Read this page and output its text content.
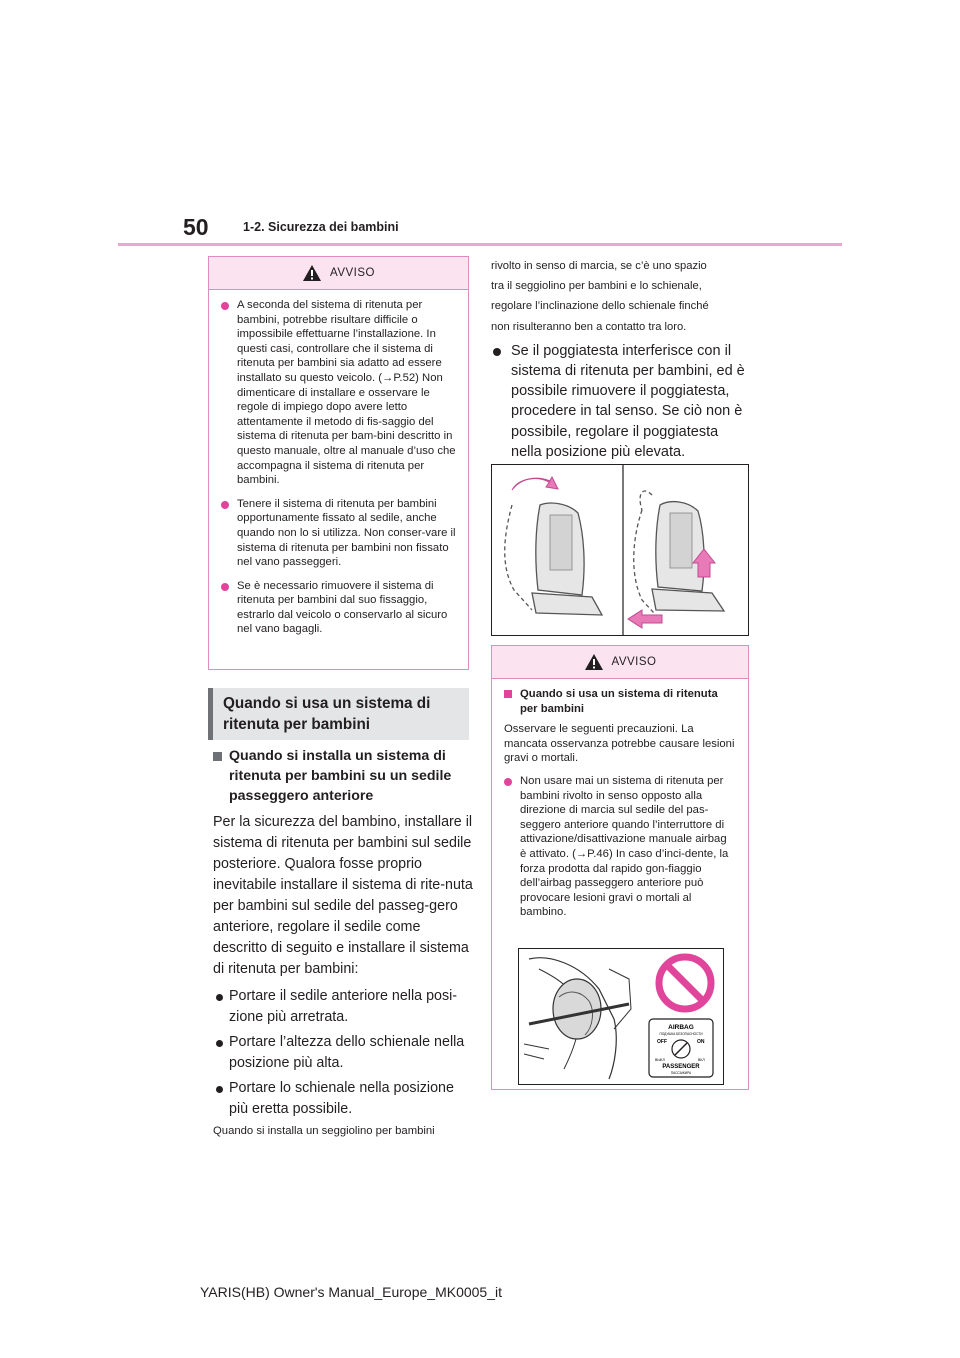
50	1-2. Sicurezza dei bambini
AVVISO
A seconda del sistema di ritenuta per bambini, potrebbe risultare difficile o impossibile effettuarne l’installazione. In questi casi, controllare che il sistema di ritenuta per bambini sia adatto ad essere installato su questo veicolo. (→P.52) Non dimenticare di installare e osservare le regole di impiego dopo avere letto attentamente il metodo di fis-saggio del sistema di ritenuta per bam-bini descritto in questo manuale, oltre al manuale d’uso che accompagna il sistema di ritenuta per bambini.
Tenere il sistema di ritenuta per bambini opportunamente fissato al sedile, anche quando non lo si utilizza. Non conser-vare il sistema di ritenuta per bambini non fissato nel vano passeggeri.
Se è necessario rimuovere il sistema di ritenuta per bambini dal suo fissaggio, estrarlo dal veicolo o conservarlo al sicuro nel vano bagagli.
Quando si usa un sistema di ritenuta per bambini
Quando si installa un sistema di ritenuta per bambini su un sedile passeggero anteriore
Per la sicurezza del bambino, installare il sistema di ritenuta per bambini sul sedile posteriore. Qualora fosse proprio inevitabile installare il sistema di rite-nuta per bambini sul sedile del passeg-gero anteriore, regolare il sedile come descritto di seguito e installare il sistema di ritenuta per bambini:
Portare il sedile anteriore nella posi-zione più arretrata.
Portare l’altezza dello schienale nella posizione più alta.
Portare lo schienale nella posizione più eretta possibile.
Quando si installa un seggiolino per bambini
rivolto in senso di marcia, se c’è uno spazio
tra il seggiolino per bambini e lo schienale,
regolare l’inclinazione dello schienale finché
non risulteranno ben a contatto tra loro.
Se il poggiatesta interferisce con il sistema di ritenuta per bambini, ed è possibile rimuovere il poggiatesta, procedere in tal senso. Se ciò non è possibile, regolare il poggiatesta nella posizione più elevata.
AVVISO
Quando si usa un sistema di ritenuta per bambini
Osservare le seguenti precauzioni. La mancata osservanza potrebbe causare lesioni gravi o mortali.
Non usare mai un sistema di ritenuta per bambini rivolto in senso opposto alla direzione di marcia sul sedile del pas-seggero anteriore quando l’interruttore di attivazione/disattivazione manuale airbag è attivato. (→P.46) In caso d’inci-dente, la forza prodotta dal rapido gon-fiaggio dell’airbag passeggero anteriore può provocare lesioni gravi o mortali al bambino.
AIRBAG
ПОДУШКА БЕЗОПАСНОСТИ
OFF	ON
ВЫКЛ	ВКЛ
PASSENGER
ПАССАЖИРА
YARIS(HB) Owner's Manual_Europe_MK0005_it
